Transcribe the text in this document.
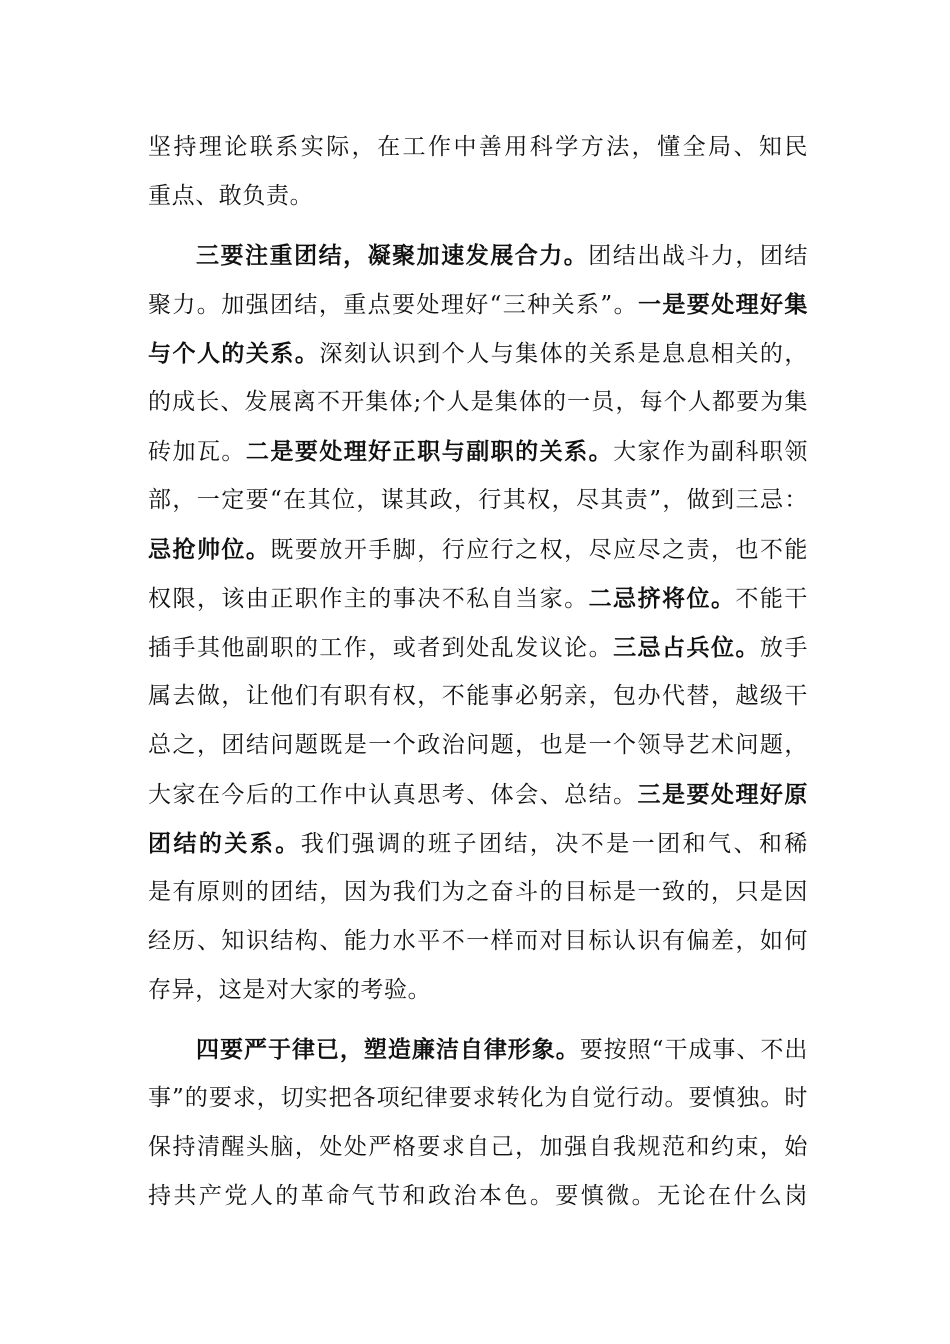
坚持理论联系实际，在工作中善用科学方法，懂全局、知民
重点、敢负责。
三要注重团结，凝聚加速发展合力。团结出战斗力，团结
聚力。加强团结，重点要处理好“三种关系”。一是要处理好集
与个人的关系。深刻认识到个人与集体的关系是息息相关的，
的成长、发展离不开集体;个人是集体的一员，每个人都要为集
砖加瓦。二是要处理好正职与副职的关系。大家作为副科职领
部，一定要“在其位，谋其政，行其权，尽其责”，做到三忌：
忌抢帅位。既要放开手脚，行应行之权，尽应尽之责，也不能
权限，该由正职作主的事决不私自当家。二忌挤将位。不能干
插手其他副职的工作，或者到处乱发议论。三忌占兵位。放手
属去做，让他们有职有权，不能事必躬亲，包办代替，越级干
总之，团结问题既是一个政治问题，也是一个领导艺术问题，
大家在今后的工作中认真思考、体会、总结。三是要处理好原
团结的关系。我们强调的班子团结，决不是一团和气、和稀
是有原则的团结，因为我们为之奋斗的目标是一致的，只是因
经历、知识结构、能力水平不一样而对目标认识有偏差，如何
存异，这是对大家的考验。
四要严于律已，塑造廉洁自律形象。要按照“干成事、不出
事”的要求，切实把各项纪律要求转化为自觉行动。要慎独。时
保持清醒头脑，处处严格要求自己，加强自我规范和约束，始
持共产党人的革命气节和政治本色。要慎微。无论在什么岗
